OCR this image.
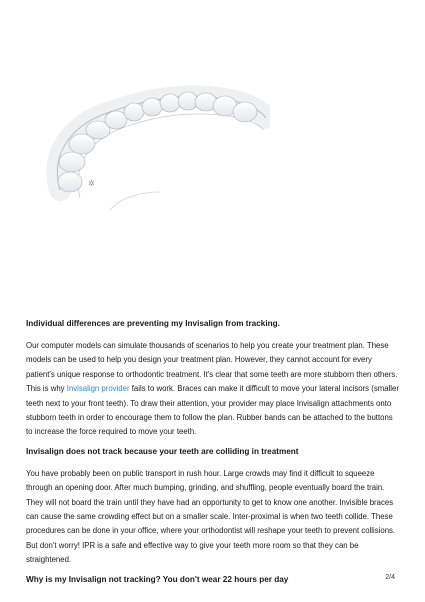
✲

Individual differences are preventing my Invisalign from tracking.

Our computer models can simulate thousands of scenarios to help you create your treatment plan. These models can be used to help you design your treatment plan. However, they cannot account for every patient's unique response to orthodontic treatment. It's clear that some teeth are more stubborn then others. This is why Invisalign provider fails to work. Braces can make it difficult to move your lateral incisors (smaller teeth next to your front teeth). To draw their attention, your provider may place Invisalign attachments onto stubborn teeth in order to encourage them to follow the plan. Rubber bands can be attached to the buttons to increase the force required to move your teeth.

Invisalign does not track because your teeth are colliding in treatment

You have probably been on public transport in rush hour. Large crowds may find it difficult to squeeze through an opening door. After much bumping, grinding, and shuffling, people eventually board the train. They will not board the train until they have had an opportunity to get to know one another. Invisible braces can cause the same crowding effect but on a smaller scale. Inter-proximal is when two teeth collide. These procedures can be done in your office, where your orthodontist will reshape your teeth to prevent collisions. But don't worry! IPR is a safe and effective way to give your teeth more room so that they can be straightened.

Why is my Invisalign not tracking? You don't wear 22 hours per day	2/4
